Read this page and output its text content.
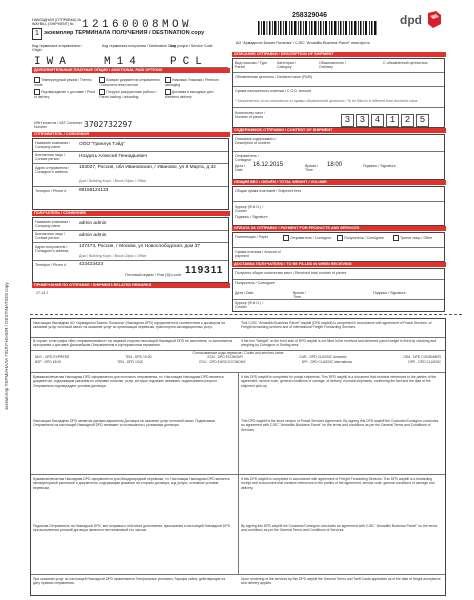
экземпляр ТЕРМИНАЛА ПОЛУЧЕНИЯ / DESTINATION copy
1
НАКЛАДНАЯ (ОТПРАВКА) №
WAYBILL (SHIPMENT) № 12160008MOW
экземпляр ТЕРМИНАЛА ПОЛУЧЕНИЯ / DESTINATION copy
Код терминала отправления / Origin
Код терминала получения / Destination Code
Код услуги / Service Code
IWA	M14	PCL
258329046	dpd
АО "Армадилло Бизнес Посылка" / CJSC "Armadillo Business Parcel" www.dpd.ru
ДОПОЛНИТЕЛЬНЫЕ ПЛАТНЫЕ ОПЦИИ / ADDITIONAL PAID OPTIONS
Температурный режим / Thermo mode
Возврат документов отправителю / Document return service
Упаковка/ Упаковка / Premium packaging
Подтверждение о доставке / Proof of delivery
Погрузо/ разгрузочные работы / Parcel loading / unloading
Доставка в выходные дни / Weekend delivery
ИНН клиента / VAT Customer Number	3702732297
ОТПРАВИТЕЛЬ / CONSIGNOR
Название компании / Company name
ООО "Гринлук Тэйд"
Контактное лицо / Contact person
Ноздать Алексей Геннадьевич
Адрес отправителя / Consignor's address
153027, Россия, обл Ивановская, г Иваново, ул 8 Марта, д 32
Дом / Building Корп. / Block Офис / Office
Телефон / Phone #	89158124133
ПОЛУЧАТЕЛЬ / CONSIGNEE
Название компании / Company name
admin admin
Контактное лицо / Contact person
admin admin
Адрес получателя / Consignee's address
127473, Россия, г Москва, ул Новослободская, дом 37
Дом / Building Корп. / Block Офис / Office
Телефон / Phone #	423423423
Почтовый индекс / Post (Zip) code 119311
ПРИМЕЧАНИЯ ПО ОТПРАВКЕ / SHIPMENT-RELATED REMARKS
17-13-7
ОПИСАНИЕ ОТПРАВКИ / DESCRIPTION OF SHIPMENT
Вид посылки / Type Parcel
Категория / Category
Обыкновенное / Ordinary
С объявленной ценностью
Объявленная ценность / Declared value (RUB)
Сумма наложенного платежа / C.O.D. Amount
* Заполняется, если отличается от суммы объявленной ценности / To be filled in if different from declared value
Количество мест / Number of pieces	3 3 4 1 2 5
СОДЕРЖИМОЕ ОТПРАВКИ / CONTENT OF SHIPMENT
Описание содержимого / Description of content
Отправитель / Consignor
Дата / Date
16.12.2015	Время / Time
18:00	Подпись / Signature
ОБЩИЙ ВЕС / ОБЪЁМ / TOTAL WEIGHT / VOLUME
Общая сумма платежей / Shipment fees
Курьер (Ф.И.О.) / Courier
Подпись / Signature
ОПЛАТА ЗА ОТПРАВКУ / PAYMENT FOR PRODUCTS AND SERVICES
Плательщик / Payer	Отправитель / Consignor	Получатель / Consignee	Третье лицо / Other
Сумма платежа / Amount of payment
ДОСТАВКА ПОЛУЧАТЕЛЮ / TO BE FILLED IN WHEN RECEIVING
Получено общее количество мест / Received total number of pieces
Получатель / Consignee
Дата / Date	Время / Time
Подпись / Signature
Курьер (Ф.И.О.) / Courier
Настоящая Накладная АО «Армадилло Бизнес Посылка» (Накладная DPD) оформляется в соответствии с договором на оказание услуг почтовой связи, на оказание услуг по организации перевозки, транспортно-экспедиционных услуг.
This CJSC "Armadillo Business Parcel" waybill (DPD waybill) is completed in accordance with agreement of Postal Services, of Freight forwarding services and of International Freight Forwarding Services.
В случае, если графа «Вес отправления/мест» на лицевой стороне настоящей Накладной DPD не заполнена, то заполняется при приеме к доставке Дальнейшим Отправителем в сортировочном терминале.
If the box "Weight" on the front side of DPD waybill is not filled in the received and delivered parcel weight is fixed by checking and weighing by Consignor in Sorting area.
Согласованные коды сервисов / Codes and services name
NDY - DPD EXPRESS	TEN - DPD 10:00	ECN - DPD ECONOMY	CUR - DPD CLASSIC domestic	CSM - DPD CONSUMER
BZP - DPD 18:00	TEN - DPD 13:00	ECU - DPD EURO ECONOMY	DPI - DPD CLASSIC international	DPE - DPD CLASSIC
Бумажная/печатная Накладная DPD оформляется для почтового отправления, то: Настоящая Накладная DPD является документом, содержащим указания по отправке посылки, услуг, которые подлежат оказанию, подписанием которого Отправитель подтверждает условия договора.
If this DPD waybill is completed for postal shipments: This DPD waybill is a document that contains references to the parties of the agreement, service code, general conditions of carriage, of delivery of postal shipments, confirming the fact and the date of the shipment pick-up.
Настоящая Накладная DPD является кратким вариантом Договора на оказание услуг почтовой связи. Подписывая Отправитель на настоящей Накладной DPD понимает и соглашается с условиями договора.
This DPD waybill is the short version of Postal Services Agreement. By signing this DPD waybill the Customer/Consignor concludes an agreement with CJSC "Armadillo Business Parcel" on the terms and conditions as per the General Terms and Conditions of Services.
Бумажная/печатная Накладная DPD оформляется для Международной перевозки, то: Настоящая Накладная DPD является экспедиторской распиской и документом, содержащим указания на стороны договора, код услуги, основные условия перевозки.
If this DPD waybill is completed in accordance with agreement of Freight Forwarding Services: This DPD waybill is a forwarding receipt and a document that contains references to the parties of the agreement, service code, general conditions of carriage and delivery.
Подписав Отправитель на Накладной DPD, все поправки к ней и/или дополнения, приложения к настоящей Накладной DPD при выполнении условий договора являются неотъемлемой его частью.
By signing this DPD waybill the Customer/Consignor concludes an agreement with CJSC "Armadillo Business Parcel" on the terms and conditions as per the General Terms and Conditions of Services.
При оказании услуг по настоящей Накладной DPD применяются Генеральные условия и Тарифы сайта, действующие на дату приема отправления.
Upon rendering of the services by this DPD waybill the General Terms and Tariff Cards applicable as of the date of freight acceptance and delivery applies.
